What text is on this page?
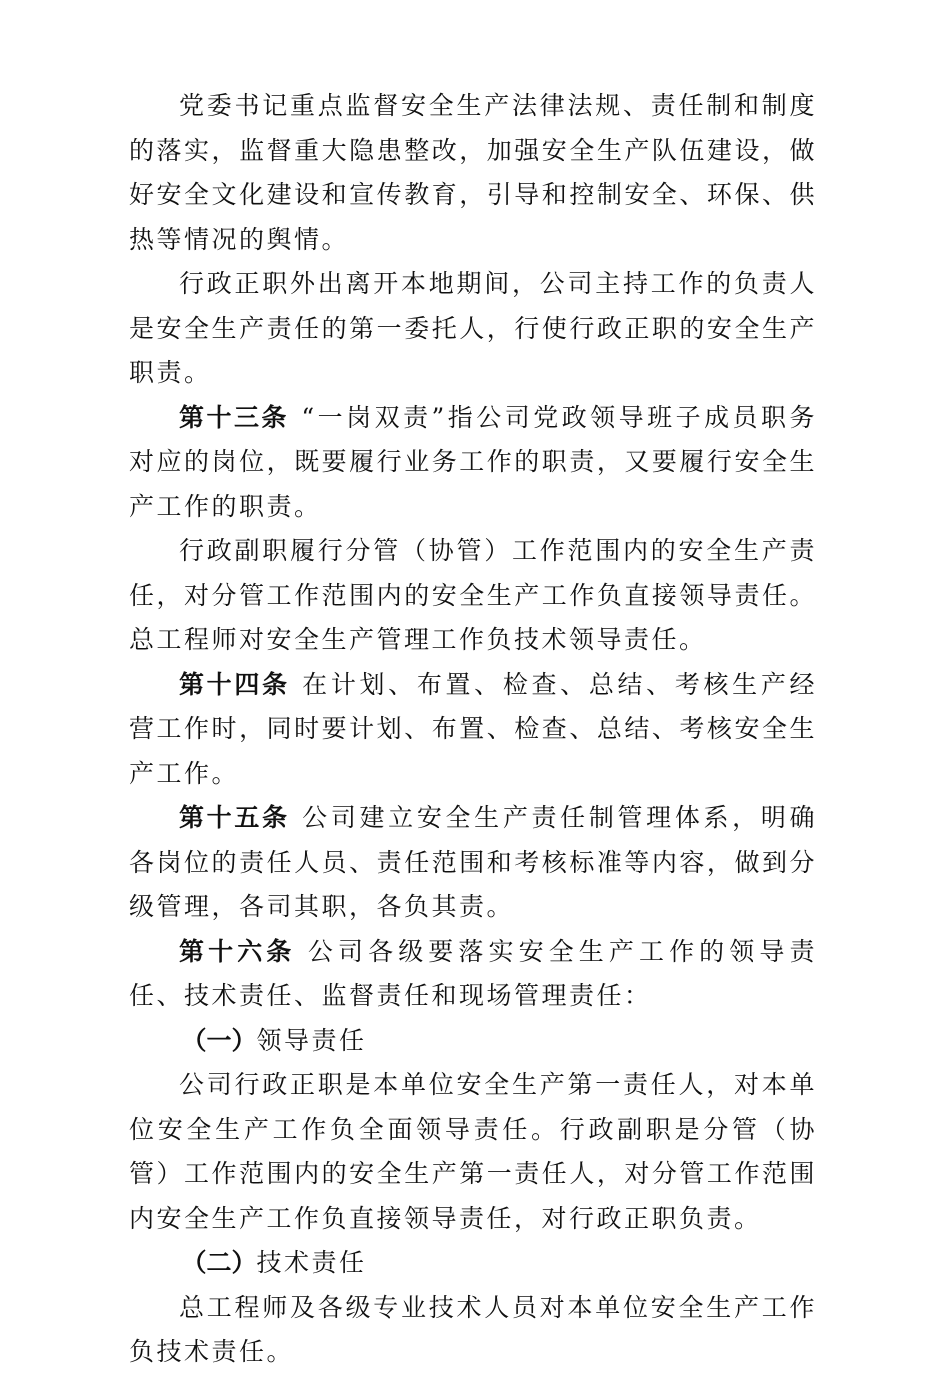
党委书记重点监督安全生产法律法规、责任制和制度的落实，监督重大隐患整改，加强安全生产队伍建设，做好安全文化建设和宣传教育，引导和控制安全、环保、供热等情况的舆情。

行政正职外出离开本地期间，公司主持工作的负责人是安全生产责任的第一委托人，行使行政正职的安全生产职责。

第十三条 “一岗双责”指公司党政领导班子成员职务对应的岗位，既要履行业务工作的职责，又要履行安全生产工作的职责。

行政副职履行分管（协管）工作范围内的安全生产责任，对分管工作范围内的安全生产工作负直接领导责任。总工程师对安全生产管理工作负技术领导责任。

第十四条 在计划、布置、检查、总结、考核生产经营工作时，同时要计划、布置、检查、总结、考核安全生产工作。

第十五条 公司建立安全生产责任制管理体系，明确各岗位的责任人员、责任范围和考核标准等内容，做到分级管理，各司其职，各负其责。

第十六条 公司各级要落实安全生产工作的领导责任、技术责任、监督责任和现场管理责任：

（一）领导责任

公司行政正职是本单位安全生产第一责任人，对本单位安全生产工作负全面领导责任。行政副职是分管（协管）工作范围内的安全生产第一责任人，对分管工作范围内安全生产工作负直接领导责任，对行政正职负责。

（二）技术责任

总工程师及各级专业技术人员对本单位安全生产工作负技术责任。
